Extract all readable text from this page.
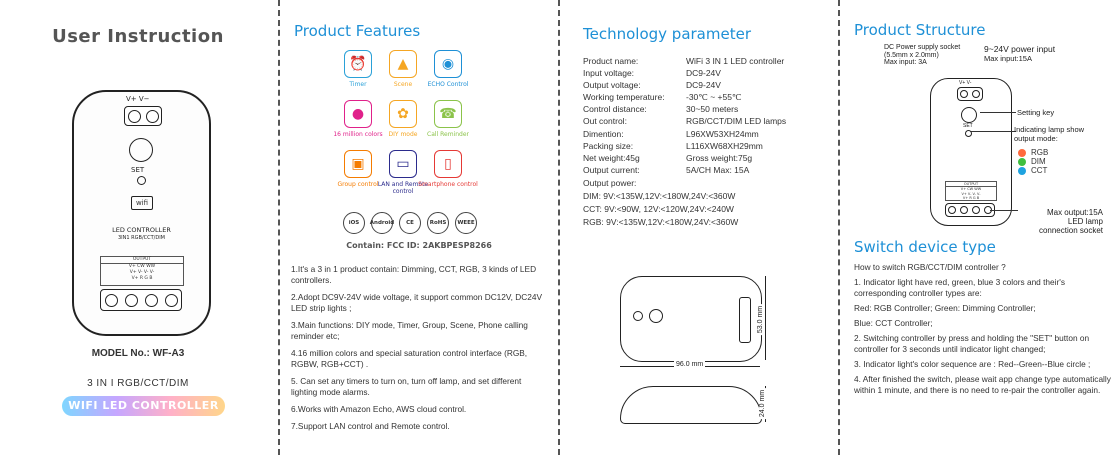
User Instruction
V+ V−
SET
wifi
LED CONTROLLER
3IN1 RGB/CCT/DIM
OUTPUT
V+ CW WW
V+ V- V- V-
V+ R G B
MODEL No.: WF-A3
3 IN I RGB/CCT/DIM
WIFI LED CONTROLLER
Product Features
⏰
Timer
▲
Scene
◉
ECHO Control
●
16 million colors
✿
DIY mode
☎
Call Reminder
▣
Group control
▭
LAN and Remote control
▯
Smartphone control
iOS	Android	CE	RoHS	WEEE
Contain: FCC ID: 2AKBPESP8266

1.It's a 3 in 1 product contain: Dimming, CCT, RGB, 3 kinds of LED controllers.

2.Adopt DC9V-24V wide voltage, it support common DC12V, DC24V LED strip lights ;

3.Main functions: DIY mode, Timer, Group, Scene, Phone calling reminder etc;

4.16 million colors and special saturation control interface (RGB, RGBW, RGB+CCT) .

5. Can set any timers to turn on, turn off lamp, and set different lighting mode alarms.

6.Works with Amazon Echo, AWS cloud control.

7.Support LAN control and Remote control.

Technology parameter
Product name:	WiFi 3 IN 1 LED controller
Input voltage:	DC9-24V
Output voltage:	DC9-24V
Working temperature:	-30℃ ~ +55℃
Control distance:	30~50 meters
Out control:	RGB/CCT/DIM LED lamps
Dimention:	L96XW53XH24mm
Packing size:	L116XW68XH29mm
Net weight:45g	Gross weight:75g
Output current:	5A/CH Max: 15A
Output power:
DIM: 9V:<135W,12V:<180W,24V:<360W
CCT: 9V:<90W, 12V:<120W,24V:<240W
RGB: 9V:<135W,12V:<180W,24V:<360W
96.0 mm
53.0 mm
24.0 mm
Product Structure
DC Power supply socket
(5.5mm x 2.0mm)
Max input: 3A
9~24V power input
Max input:15A
V+ V-
SET
OUTPUT
V+ CW WW
V+ V- V- V-
V+ R G B
Setting key
Indicating lamp show
output mode:
RGB
DIM
CCT
Max output:15A
LED lamp
connection socket
Switch device type

How to switch RGB/CCT/DIM controller ?

1. Indicator light have red, green, blue 3 colors and their's corresponding controller types are:

Red: RGB Controller; Green: Dimming Controller;

Blue: CCT Controller;

2. Switching controller by press and holding the "SET" button on controller for 3 seconds until indicator light changed;

3. Indicator light's color sequence are : Red--Green--Blue circle ;

4. After finished the switch, please wait app change type automatically within 1 minute, and there is no need to re-pair the controller again.
